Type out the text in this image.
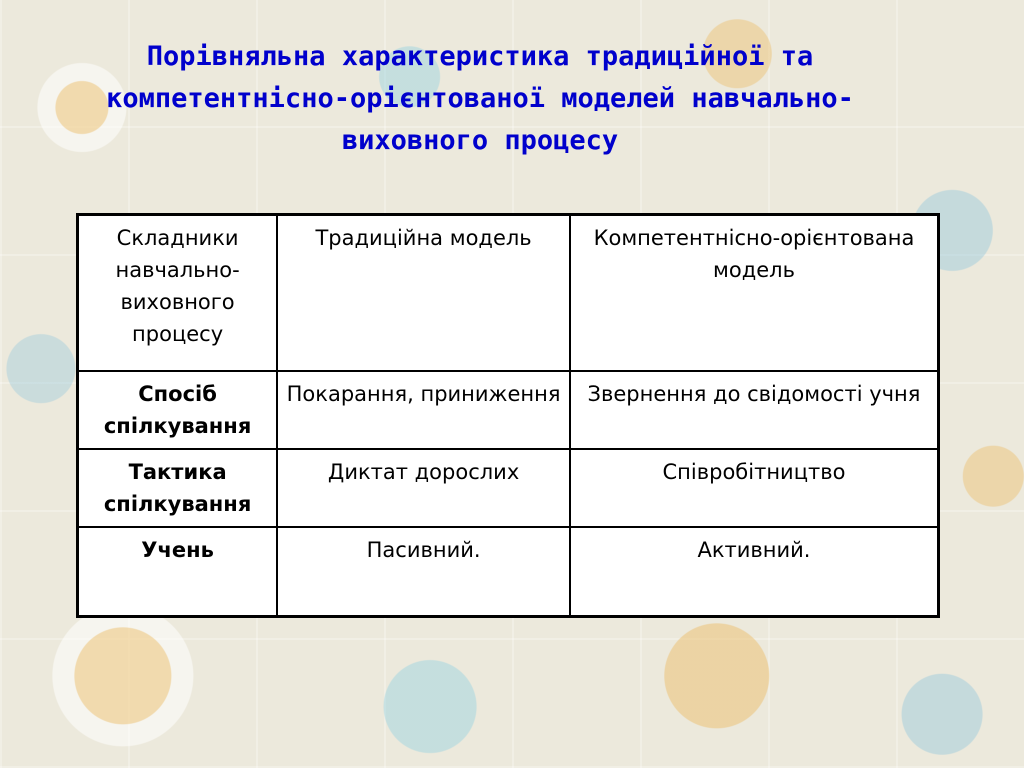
Порівняльна характеристика традиційної та
компетентнісно-орієнтованої моделей навчально-
виховного процесу
Складники навчально-виховного процесу	Традиційна модель	Компетентнісно-орієнтована модель
Спосіб спілкування	Покарання, приниження	Звернення до свідомості учня
Тактика спілкування	Диктат дорослих	Співробітництво
Учень	Пасивний.	Активний.
